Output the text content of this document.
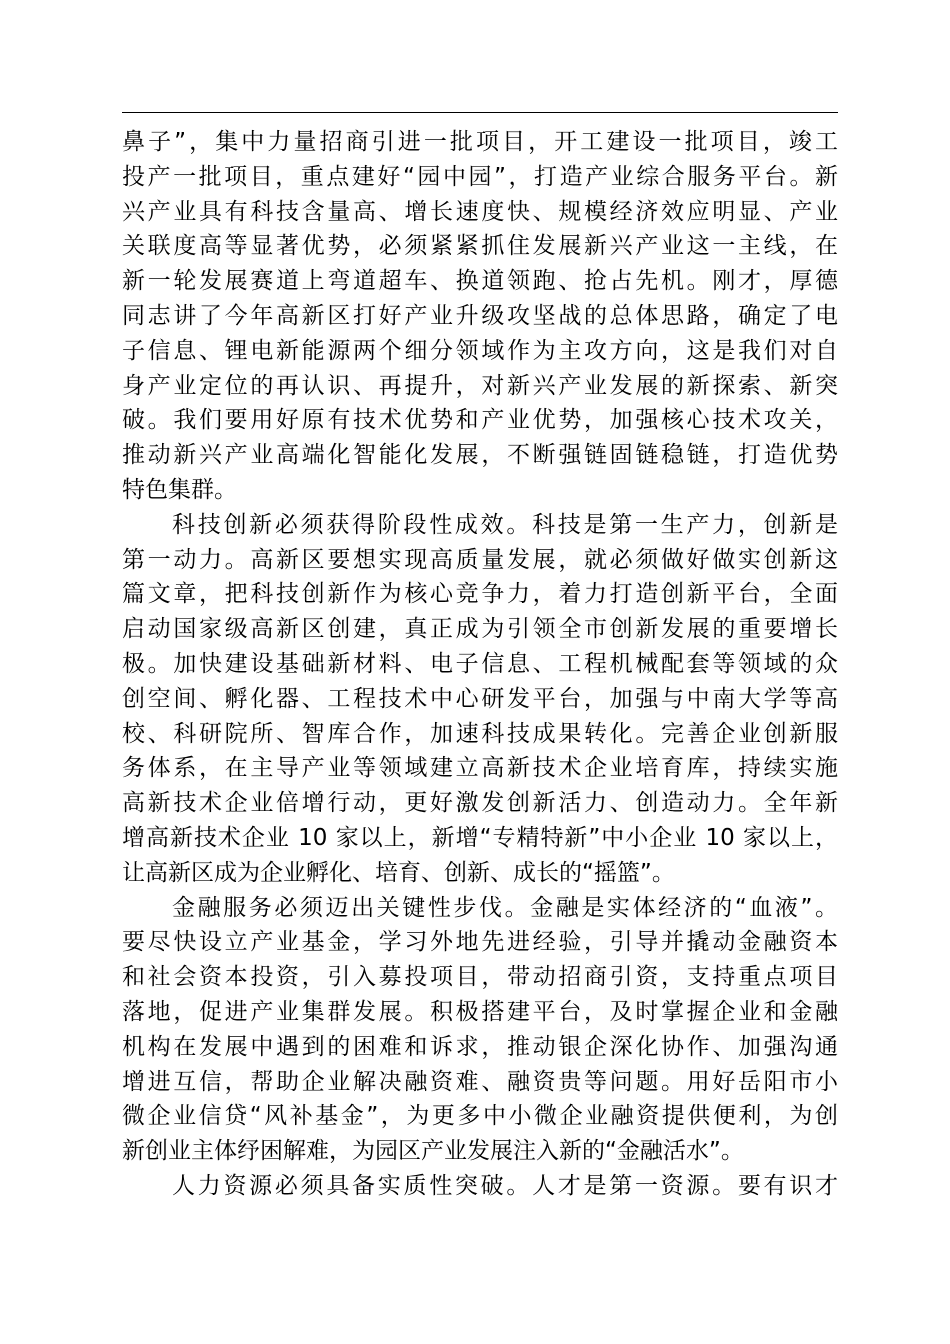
鼻子”，集中力量招商引进一批项目，开工建设一批项目，竣工
投产一批项目，重点建好“园中园”，打造产业综合服务平台。新
兴产业具有科技含量高、增长速度快、规模经济效应明显、产业
关联度高等显著优势，必须紧紧抓住发展新兴产业这一主线，在
新一轮发展赛道上弯道超车、换道领跑、抢占先机。刚才，厚德
同志讲了今年高新区打好产业升级攻坚战的总体思路，确定了电
子信息、锂电新能源两个细分领域作为主攻方向，这是我们对自
身产业定位的再认识、再提升，对新兴产业发展的新探索、新突
破。我们要用好原有技术优势和产业优势，加强核心技术攻关，
推动新兴产业高端化智能化发展，不断强链固链稳链，打造优势
特色集群。
科技创新必须获得阶段性成效。科技是第一生产力，创新是
第一动力。高新区要想实现高质量发展，就必须做好做实创新这
篇文章，把科技创新作为核心竞争力，着力打造创新平台，全面
启动国家级高新区创建，真正成为引领全市创新发展的重要增长
极。加快建设基础新材料、电子信息、工程机械配套等领域的众
创空间、孵化器、工程技术中心研发平台，加强与中南大学等高
校、科研院所、智库合作，加速科技成果转化。完善企业创新服
务体系，在主导产业等领域建立高新技术企业培育库，持续实施
高新技术企业倍增行动，更好激发创新活力、创造动力。全年新
增高新技术企业 10 家以上，新增“专精特新”中小企业 10 家以上，
让高新区成为企业孵化、培育、创新、成长的“摇篮”。
金融服务必须迈出关键性步伐。金融是实体经济的“血液”。
要尽快设立产业基金，学习外地先进经验，引导并撬动金融资本
和社会资本投资，引入募投项目，带动招商引资，支持重点项目
落地，促进产业集群发展。积极搭建平台，及时掌握企业和金融
机构在发展中遇到的困难和诉求，推动银企深化协作、加强沟通
增进互信，帮助企业解决融资难、融资贵等问题。用好岳阳市小
微企业信贷“风补基金”，为更多中小微企业融资提供便利，为创
新创业主体纾困解难，为园区产业发展注入新的“金融活水”。
人力资源必须具备实质性突破。人才是第一资源。要有识才
